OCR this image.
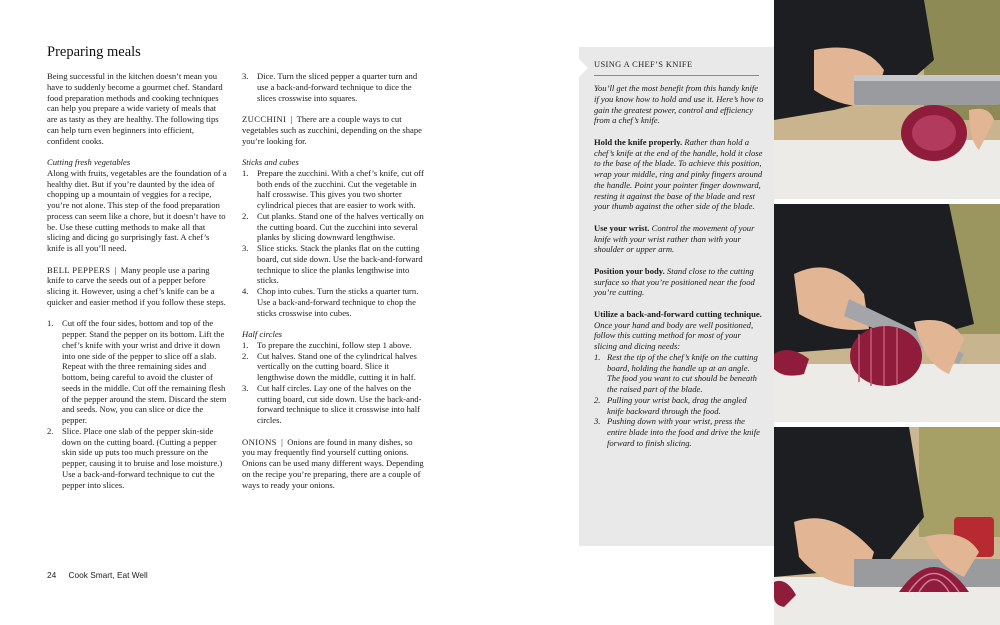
Preparing meals

Being successful in the kitchen doesn’t mean you have to suddenly become a gourmet chef. Standard food preparation methods and cooking techniques can help you prepare a wide variety of meals that are as tasty as they are healthy. The following tips can help turn even beginners into efficient, confident cooks.

Cutting fresh vegetables

Along with fruits, vegetables are the foundation of a healthy diet. But if you’re daunted by the idea of chopping up a mountain of veggies for a recipe, you’re not alone. This step of the food preparation process can seem like a chore, but it doesn’t have to be. Use these cutting methods to make all that slicing and dicing go surprisingly fast. A chef’s knife is all you’ll need.

BELL PEPPERS  |  Many people use a paring knife to carve the seeds out of a pepper before slicing it. However, using a chef’s knife can be a quicker and easier method if you follow these steps.

1. Cut off the four sides, bottom and top of the pepper. Stand the pepper on its bottom. Lift the chef’s knife with your wrist and drive it down into one side of the pepper to slice off a slab. Repeat with the three remaining sides and bottom, being careful to avoid the cluster of seeds in the middle. Cut off the remaining flesh of the pepper around the stem. Discard the stem and seeds. Now, you can slice or dice the pepper.
2. Slice. Place one slab of the pepper skin-side down on the cutting board. (Cutting a pepper skin side up puts too much pressure on the pepper, causing it to bruise and lose moisture.) Use a back-and-forward technique to cut the pepper into slices.
3. Dice. Turn the sliced pepper a quarter turn and use a back-and-forward technique to dice the slices crosswise into squares.

ZUCCHINI  |  There are a couple ways to cut vegetables such as zucchini, depending on the shape you’re looking for.

Sticks and cubes
1. Prepare the zucchini. With a chef’s knife, cut off both ends of the zucchini. Cut the vegetable in half crosswise. This gives you two shorter cylindrical pieces that are easier to work with.
2. Cut planks. Stand one of the halves vertically on the cutting board. Cut the zucchini into several planks by slicing downward lengthwise.
3. Slice sticks. Stack the planks flat on the cutting board, cut side down. Use the back-and-forward technique to slice the planks lengthwise into sticks.
4. Chop into cubes. Turn the sticks a quarter turn. Use a back-and-forward technique to chop the sticks crosswise into cubes.
Half circles
1. To prepare the zucchini, follow step 1 above.
2. Cut halves. Stand one of the cylindrical halves vertically on the cutting board. Slice it lengthwise down the middle, cutting it in half.
3. Cut half circles. Lay one of the halves on the cutting board, cut side down. Use the back-and-forward technique to slice it crosswise into half circles.

ONIONS  |  Onions are found in many dishes, so you may frequently find yourself cutting onions. Onions can be used many different ways. Depending on the recipe you’re preparing, there are a couple of ways to ready your onions.

USING A CHEF’S KNIFE

You’ll get the most benefit from this handy knife if you know how to hold and use it. Here’s how to gain the greatest power, control and efficiency from a chef’s knife.

Hold the knife properly. Rather than hold a chef’s knife at the end of the handle, hold it close to the base of the blade. To achieve this position, wrap your middle, ring and pinky fingers around the handle. Point your pointer finger downward, resting it against the base of the blade and rest your thumb against the other side of the blade.

Use your wrist. Control the movement of your knife with your wrist rather than with your shoulder or upper arm.

Position your body. Stand close to the cutting surface so that you’re positioned near the food you’re cutting.

Utilize a back-and-forward cutting technique. Once your hand and body are well positioned, follow this cutting method for most of your slicing and dicing needs:

1. Rest the tip of the chef’s knife on the cutting board, holding the handle up at an angle. The food you want to cut should be beneath the raised part of the blade.
2. Pulling your wrist back, drag the angled knife backward through the food.
3. Pushing down with your wrist, press the entire blade into the food and drive the knife forward to finish slicing.
24 Cook Smart, Eat Well
